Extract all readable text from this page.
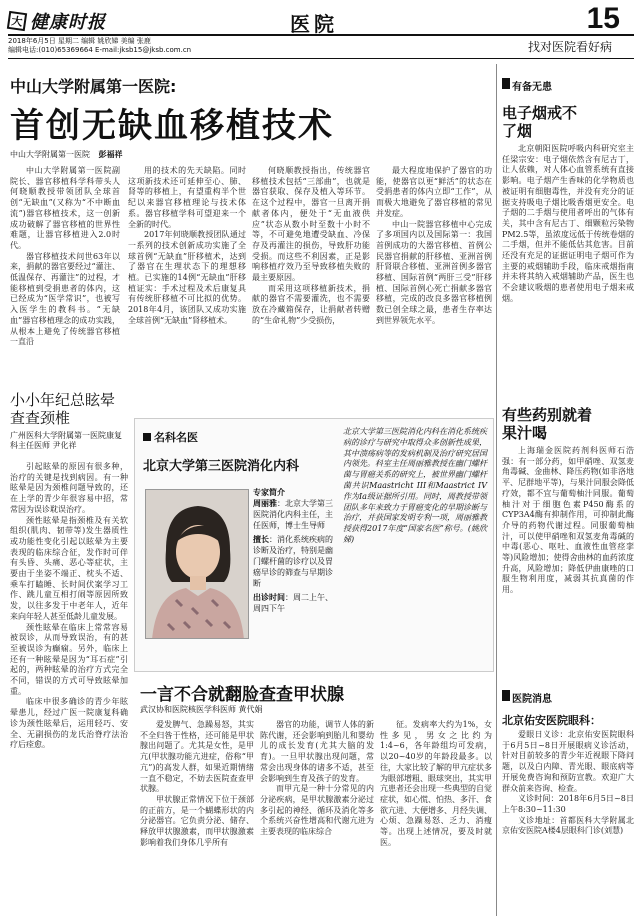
大 健康时报	医院	15
2018年6月5日 星期二 编辑 姚欣娣 美编 张鹿
编辑电话:(010)65369664 E-mail:jksb15@jksb.com.cn	找对医院看好病
中山大学附属第一医院:
首创无缺血移植技术
中山大学附属第一医院 彭福祥

中山大学附属第一医院副院长、器官移植科学科带头人何晓顺教授带领团队全球首创“无缺血”(又称为“不中断血流”)器官移植技术，这一创新成功破解了器官移植的世界性难题，让器官移植进入2.0时代。

器官移植技术问世63年以来，捐献的器官要经过“灌注、低温保存、再灌注”的过程，才能移植到受捐患者的体内，这已经成为“医学常识”，也被写入医学生的教科书。“无缺血”器官移植理念的成功实践，从根本上避免了传统器官移植一直沿

用的技术的先天缺陷。同时这项新技术还可延伸至心、肺、肾等的移植上，有望重构半个世纪以来器官移植理论与技术体系。器官移植学科可望迎来一个全新的时代。

2017年何晓顺教授团队通过一系列的技术创新成功实施了全球首例“无缺血”肝移植术，达到了器官在生理状态下的理想移植。已实施的14例“无缺血”肝移植证实：手术过程及术后康复具有传统肝移植不可比拟的优势。2018年4月，该团队又成功实施全球首例“无缺血”肾移植术。

何晓顺教授指出，传统器官移植技术包括“三部曲”，也就是器官获取、保存及植入等环节。在这个过程中，器官一旦离开捐献者体内，便处于“无血液供应”状态从数小时至数十小时不等，不可避免地遭受缺血、冷保存及再灌注的损伤，导致肝功能受损。而这些不利因素，正是影响移植疗效乃至导致移植失败的最主要原因。

而采用这项移植新技术，捐献的器官不需要灌洗，也不需要放在冷藏箱保存，让捐献者转赠的“生命礼物”少受损伤，

最大程度地保护了器官的功能，使器官以更“鲜活”的状态在受捐患者的体内立即“工作”，从而极大地避免了器官移植的常见并发症。

中山一院器官移植中心完成了多项国内以及国际第一：我国首例成功的大器官移植、首例公民器官捐献的肝移植、亚洲首例肝肾联合移植、亚洲首例多器官移植、国际首例“两肝三受”肝移植、国际首例心死亡捐献多器官移植，完成的改良多器官移植例数已创全球之最，患者生存率达到世界领先水平。

小小年纪总眩晕查查颈椎
广州医科大学附属第一医院康复科主任医师 尹化祥

引起眩晕的原因有很多种，治疗的关键是找到病因。有一种眩晕是因为颈椎问题导致的，还在上学的青少年很容易中招，常常因为误诊耽误治疗。

颈性眩晕是指颈椎及有关软组织(肌肉、韧带等)发生器质性或功能性变化引起以眩晕为主要表现的临床综合征，发作时可伴有头昏、头痛、恶心等症状，主要由于坐姿不端正、枕头不适、乘车打瞌睡、长时间伏案学习工作、跳儿童互相打闹等原因所致发，以往多发于中老年人，近年来向年轻人甚至低龄儿童发展。

颈性眩晕在临床上常常容易被误诊，从而导致误治，有的甚至被误诊为癫痫。另外，临床上还有一种眩晕是因为“耳石症”引起的，两种眩晕的治疗方式完全不同，错误的方式可导致眩晕加重。

临床中很多确诊的青少年眩晕患儿，经过广医一院康复科确诊为颈性眩晕后，运用轻巧、安全、无副损伤的龙氏治脊疗法治疗后痊愈。

名科名医
北京大学第三医院消化内科
专家简介
周丽雅：北京大学第三医院消化内科主任，主任医师，博士生导师
擅长：消化系统疾病的诊断及治疗，特别是幽门螺杆菌的诊疗以及胃癌早诊的筛查与早期诊断
出诊时间：周二上午、周四下午
北京大学第三医院消化内科在消化系统疾病的诊疗与研究中取得众多创新性成果，其中溃疡病等的发病机制及治疗研究居国内领先。科室主任周丽雅教授在幽门螺杆菌与胃癌关系的研究上，被世界幽门螺杆菌共识Maastricht III和Maastrict IV作为Ia级证据所引用。同时，周教授带领团队多年来致力于胃癌变化的早期诊断与治疗，并获国家发明专利一项，周丽雅教授获得2017年度“国家名医”称号。(姚欣娣)
一言不合就翻脸查查甲状腺
武汉协和医院核医学科医师 黄代娟

爱发脾气、急躁易怒，其实不全归咎于性格，还可能是甲状腺出问题了。尤其是女性，是甲亢(甲状腺功能亢进症，俗称“甲亢”)的高发人群，如果近期情绪一直不稳定，不妨去医院查查甲状腺。

甲状腺正常情况下位于颈部的正前方，是一个蝴蝶形状的内分泌器官。它负责分泌、储存、释放甲状腺激素，而甲状腺激素影响着我们身体几乎所有

器官的功能，调节人体的新陈代谢，还会影响到胎儿和婴幼儿的成长发育(尤其大脑的发育)。一旦甲状腺出现问题，常常会出现身体的诸多不适，甚至会影响到生育及孩子的发育。

而甲亢是一种十分常见的内分泌疾病，是甲状腺激素分泌过多引起的神经、循环及消化等多个系统兴奋性增高和代谢亢进为主要表现的临床综合

征。发病率大约为1%，女性多见，男女之比约为1:4~6，各年龄组均可发病，以20~40岁的年龄段最多。以往，大家比较了解的甲亢症状多为眼部增粗、眼球突出，其实甲亢患者还会出现一些典型的自觉症状，如心慌、怕热、多汗、食欲亢进、大便增多、月经失调、心烦、急躁易怒、乏力、消瘦等。出现上述情况，要及时就医。

有备无患
电子烟戒不了烟

北京朝阳医院呼吸内科研究室主任梁宗安：电子烟依然含有尼古丁，让人依赖，对人体心血管系统有直接影响。电子烟产生香味的化学物质也被证明有细胞毒性，并没有充分的证据支持吸电子烟比吸香烟更安全。电子烟的二手烟与使用者呼出的气体有关，其中含有尼古丁、细颗粒污染物PM2.5等，虽浓度远低于传统卷烟的二手烟，但并不能低估其危害。目前还没有充足的证据证明电子烟可作为主要的戒烟辅助手段，临床戒烟指南并未将其纳入戒烟辅助产品，医生也不会建议吸烟的患者使用电子烟来戒烟。

有些药别就着果汁喝

上海瑞金医院药剂科医师石浩强：有一部分药，如甲硝唑、双氢麦角毒碱、金曲林、降压药物(如非洛地平、尼群地平等)，与果汁同服会降低疗效，都不宜与葡萄柚汁同服。葡萄柚汁对于细胞色素P450酶系的CYP3A4酶有抑制作用，可抑制此酶介导的药物代谢过程。同服葡萄柚汁，可以使甲硝唑和双氢麦角毒碱的中毒(恶心、呕吐、血液性血管痉挛等)风险增加；使得舍曲林的血药浓度升高，风险增加；降低伊曲康唑的口服生物利用度，减弱其抗真菌的作用。

医院消息
北京佑安医院眼科：

爱眼日义诊：北京佑安医院眼科于6月5日~8日开展眼病义诊活动，针对目前较多的青少年近视眼下降问题，以及白内障、青光眼、眼底病等开展免费咨询和预防宣教。欢迎广大群众前来咨询、检查。

义诊时间：2018年6月5日~8日 上午8:30~11:30

义诊地址：首都医科大学附属北京佑安医院A楼4层眼科门诊(刘慧)
